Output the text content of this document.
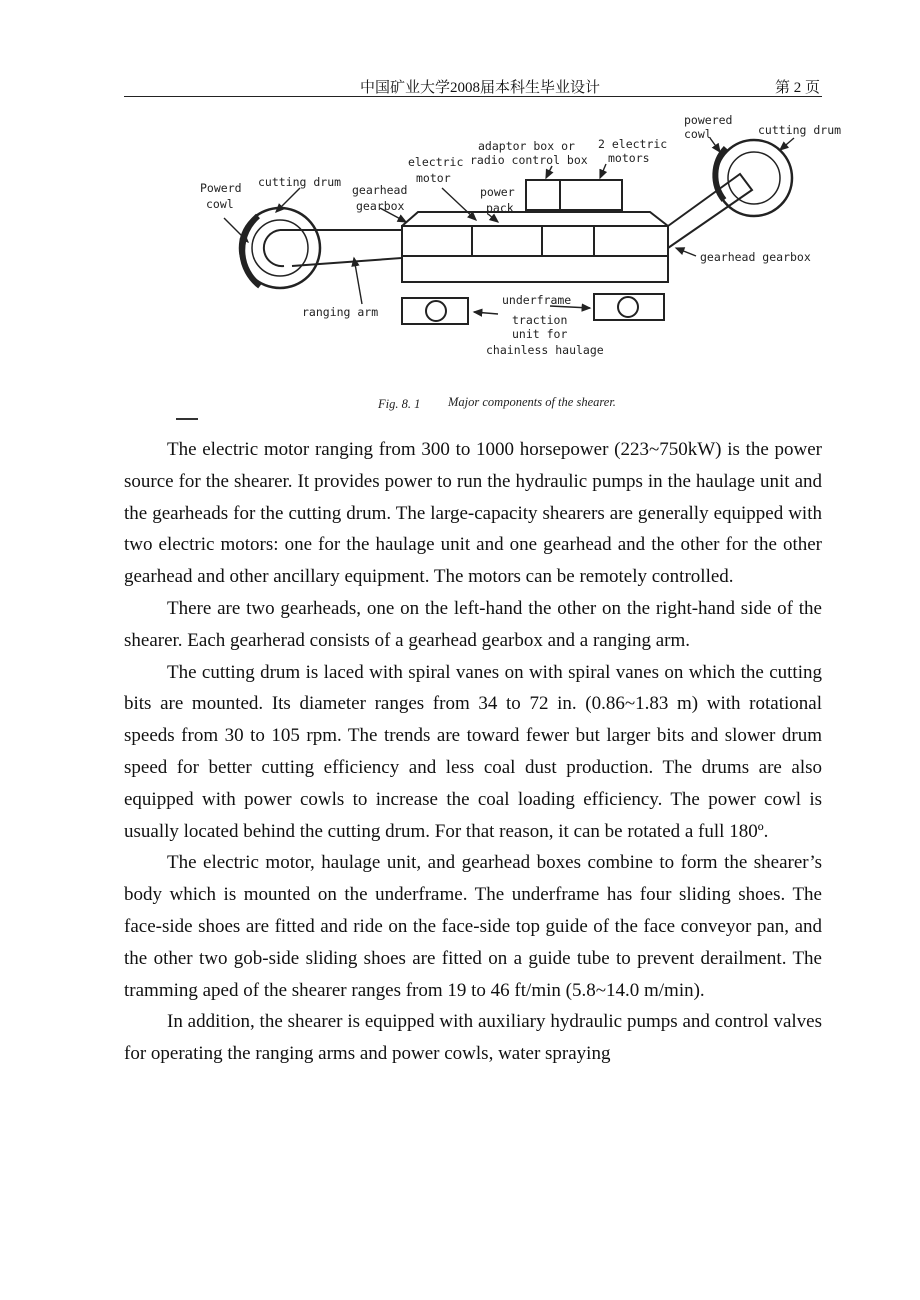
中国矿业大学2008届本科生毕业设计	第 2 页
Powerd
cowl
cutting drum
gearhead
gearbox
electric
motor
adaptor box or
radio control box
2 electric
motors
power
pack
powered
cowl	cutting drum
gearhead gearbox
ranging arm
underframe
traction
unit for
chainless haulage
Fig. 8. 1 Major components of the shearer.

The electric motor ranging from 300 to 1000 horsepower (223~750kW) is the power source for the shearer. It provides power to run the hydraulic pumps in the haulage unit and the gearheads for the cutting drum. The large-capacity shearers are generally equipped with two electric motors: one for the haulage unit and one gearhead and the other for the other gearhead and other ancillary equipment. The motors can be remotely controlled.

There are two gearheads, one on the left-hand the other on the right-hand side of the shearer. Each gearherad consists of a gearhead gearbox and a ranging arm.

The cutting drum is laced with spiral vanes on with spiral vanes on which the cutting bits are mounted. Its diameter ranges from 34 to 72 in. (0.86~1.83 m) with rotational speeds from 30 to 105 rpm. The trends are toward fewer but larger bits and slower drum speed for better cutting efficiency and less coal dust production. The drums are also equipped with power cowls to increase the coal loading efficiency. The power cowl is usually located behind the cutting drum. For that reason, it can be rotated a full 180º.

The electric motor, haulage unit, and gearhead boxes combine to form the shearer’s body which is mounted on the underframe. The underframe has four sliding shoes. The face-side shoes are fitted and ride on the face-side top guide of the face conveyor pan, and the other two gob-side sliding shoes are fitted on a guide tube to prevent derailment. The tramming aped of the shearer ranges from 19 to 46 ft/min (5.8~14.0 m/min).

In addition, the shearer is equipped with auxiliary hydraulic pumps and control valves for operating the ranging arms and power cowls, water spraying
